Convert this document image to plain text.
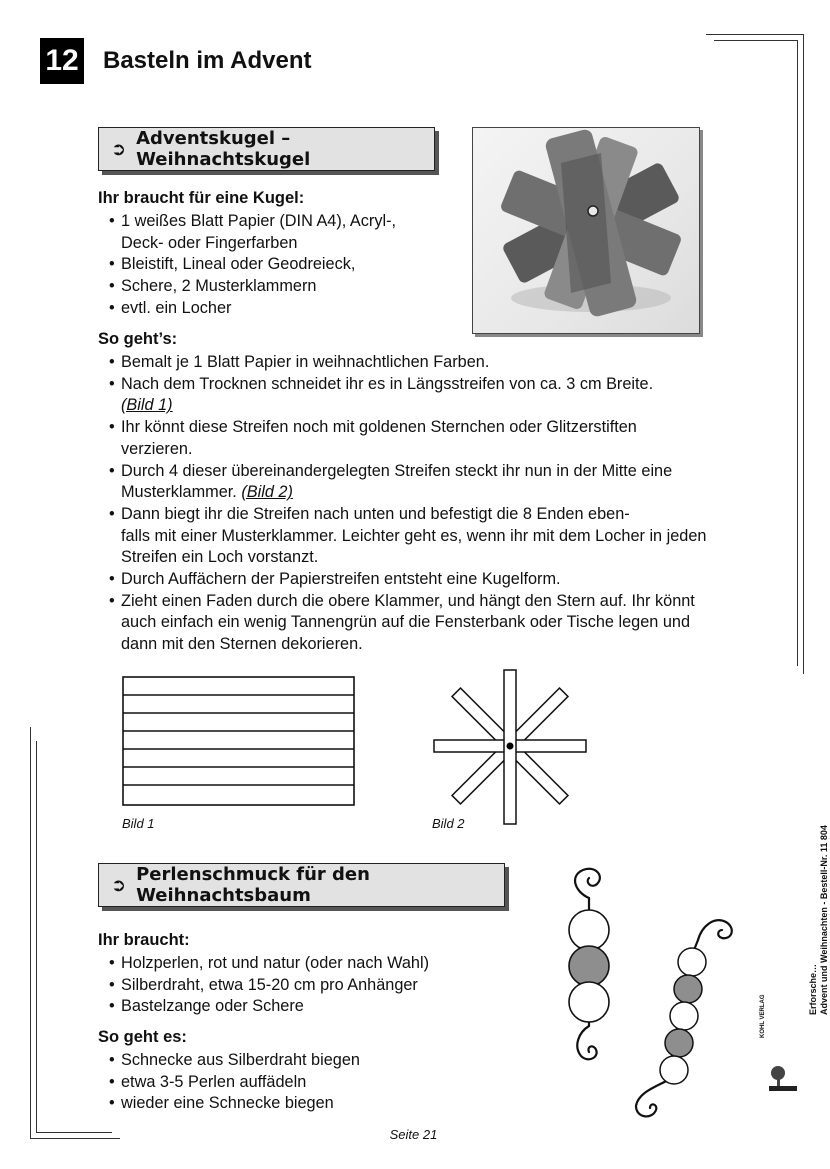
12 Basteln im Advent
➲ Adventskugel – Weihnachtskugel
Ihr braucht für eine Kugel:
• 1 weißes Blatt Papier (DIN A4), Acryl-,
Deck- oder Fingerfarben
• Bleistift, Lineal oder Geodreieck,
• Schere, 2 Musterklammern
• evtl. ein Locher
So geht’s:
• Bemalt je 1 Blatt Papier in weihnachtlichen Farben.
• Nach dem Trocknen schneidet ihr es in Längsstreifen von ca. 3 cm Breite. (Bild 1)
• Ihr könnt diese Streifen noch mit goldenen Sternchen oder Glitzerstiften verzieren.
• Durch 4 dieser übereinandergelegten Streifen steckt ihr nun in der Mitte eine Musterklammer. (Bild 2)
• Dann biegt ihr die Streifen nach unten und befestigt die 8 Enden eben-
falls mit einer Musterklammer. Leichter geht es, wenn ihr mit dem Locher in jeden Streifen ein Loch vorstanzt.
• Durch Auffächern der Papierstreifen entsteht eine Kugelform.
• Zieht einen Faden durch die obere Klammer, und hängt den Stern auf. Ihr könnt auch einfach ein wenig Tannengrün auf die Fensterbank oder Tische legen und dann mit den Sternen dekorieren.
Bild 1	Bild 2
➲ Perlenschmuck für den Weihnachtsbaum
Ihr braucht:
• Holzperlen, rot und natur (oder nach Wahl)
• Silberdraht, etwa 15-20 cm pro Anhänger
• Bastelzange oder Schere
So geht es:
• Schnecke aus Silberdraht biegen
• etwa 3-5 Perlen auffädeln
• wieder eine Schnecke biegen
Erforsche… Advent und Weihnachten - Bestell-Nr. 11 804
KOHL VERLAG
Seite 21
